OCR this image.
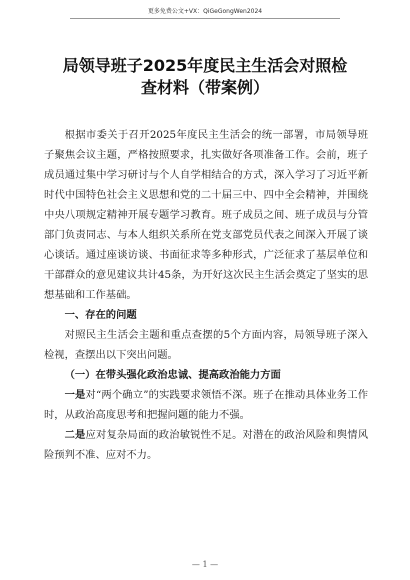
更多免费公文+VX：QiGeGongWen2024
局领导班子2025年度民主生活会对照检
查材料（带案例）

根据市委关于召开2025年度民主生活会的统一部署，市局领导班子聚焦会议主题，严格按照要求，扎实做好各项准备工作。会前，班子成员通过集中学习研讨与个人自学相结合的方式，深入学习了习近平新时代中国特色社会主义思想和党的二十届三中、四中全会精神，并围绕中央八项规定精神开展专题学习教育。班子成员之间、班子成员与分管部门负责同志、与本人组织关系所在党支部党员代表之间深入开展了谈心谈话。通过座谈访谈、书面征求等多种形式，广泛征求了基层单位和干部群众的意见建议共计45条，为开好这次民主生活会奠定了坚实的思想基础和工作基础。

一、存在的问题

对照民主生活会主题和重点查摆的5个方面内容，局领导班子深入检视，查摆出以下突出问题。

（一）在带头强化政治忠诚、提高政治能力方面

一是对“两个确立”的实践要求领悟不深。班子在推动具体业务工作时，从政治高度思考和把握问题的能力不强。

二是应对复杂局面的政治敏锐性不足。对潜在的政治风险和舆情风险预判不准、应对不力。

— 1 —
